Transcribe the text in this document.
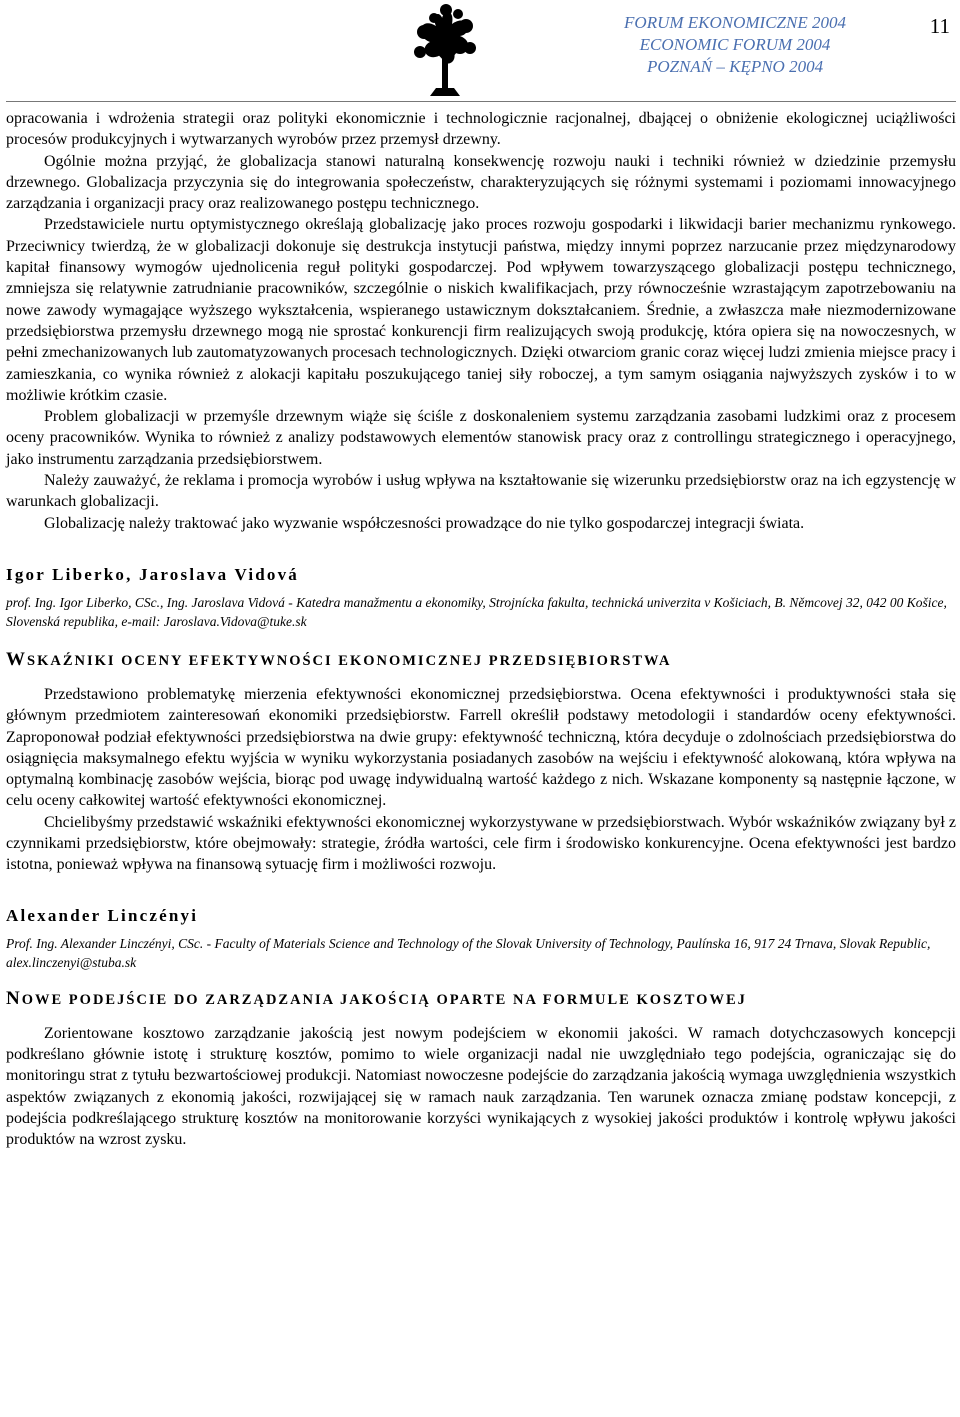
FORUM EKONOMICZNE 2004
ECONOMIC FORUM 2004
POZNAŃ – KĘPNO 2004
11

opracowania i wdrożenia strategii oraz polityki ekonomicznie i technologicznie racjonalnej, dbającej o obniżenie ekologicznej uciążliwości procesów produkcyjnych i wytwarzanych wyrobów przez przemysł drzewny.

Ogólnie można przyjąć, że globalizacja stanowi naturalną konsekwencję rozwoju nauki i techniki również w dziedzinie przemysłu drzewnego. Globalizacja przyczynia się do integrowania społeczeństw, charakteryzujących się różnymi systemami i poziomami innowacyjnego zarządzania i organizacji pracy oraz realizowanego postępu technicznego.

Przedstawiciele nurtu optymistycznego określają globalizację jako proces rozwoju gospodarki i likwidacji barier mechanizmu rynkowego. Przeciwnicy twierdzą, że w globalizacji dokonuje się destrukcja instytucji państwa, między innymi poprzez narzucanie przez międzynarodowy kapitał finansowy wymogów ujednolicenia reguł polityki gospodarczej. Pod wpływem towarzyszącego globalizacji postępu technicznego, zmniejsza się relatywnie zatrudnianie pracowników, szczególnie o niskich kwalifikacjach, przy równocześnie wzrastającym zapotrzebowaniu na nowe zawody wymagające wyższego wykształcenia, wspieranego ustawicznym dokształcaniem. Średnie, a zwłaszcza małe niezmodernizowane przedsiębiorstwa przemysłu drzewnego mogą nie sprostać konkurencji firm realizujących swoją produkcję, która opiera się na nowoczesnych, w pełni zmechanizowanych lub zautomatyzowanych procesach technologicznych. Dzięki otwarciom granic coraz więcej ludzi zmienia miejsce pracy i zamieszkania, co wynika również z alokacji kapitału poszukującego taniej siły roboczej, a tym samym osiągania najwyższych zysków i to w możliwie krótkim czasie.

Problem globalizacji w przemyśle drzewnym wiąże się ściśle z doskonaleniem systemu zarządzania zasobami ludzkimi oraz z procesem oceny pracowników. Wynika to również z analizy podstawowych elementów stanowisk pracy oraz z controllingu strategicznego i operacyjnego, jako instrumentu zarządzania przedsiębiorstwem.

Należy zauważyć, że reklama i promocja wyrobów i usług wpływa na kształtowanie się wizerunku przedsiębiorstw oraz na ich egzystencję w warunkach globalizacji.

Globalizację należy traktować jako wyzwanie współczesności prowadzące do nie tylko gospodarczej integracji świata.

Igor Liberko, Jaroslava Vidová
prof. Ing. Igor Liberko, CSc., Ing. Jaroslava Vidová - Katedra manažmentu a ekonomiky, Strojnícka fakulta, technická univerzita v Košiciach, B. Němcovej 32, 042 00 Košice, Slovenská republika, e-mail: Jaroslava.Vidova@tuke.sk
WSKAŹNIKI OCENY EFEKTYWNOŚCI EKONOMICZNEJ PRZEDSIĘBIORSTWA

Przedstawiono problematykę mierzenia efektywności ekonomicznej przedsiębiorstwa. Ocena efektywności i produktywności stała się głównym przedmiotem zainteresowań ekonomiki przedsiębiorstw. Farrell określił podstawy metodologii i standardów oceny efektywności. Zaproponował podział efektywności przedsiębiorstwa na dwie grupy: efektywność techniczną, która decyduje o zdolnościach przedsiębiorstwa do osiągnięcia maksymalnego efektu wyjścia w wyniku wykorzystania posiadanych zasobów na wejściu i efektywność alokowaną, która wpływa na optymalną kombinację zasobów wejścia, biorąc pod uwagę indywidualną wartość każdego z nich. Wskazane komponenty są następnie łączone, w celu oceny całkowitej wartość efektywności ekonomicznej.

Chcielibyśmy przedstawić wskaźniki efektywności ekonomicznej wykorzystywane w przedsiębiorstwach. Wybór wskaźników związany był z czynnikami przedsiębiorstw, które obejmowały: strategie, źródła wartości, cele firm i środowisko konkurencyjne. Ocena efektywności jest bardzo istotna, ponieważ wpływa na finansową sytuację firm i możliwości rozwoju.

Alexander Linczényi
Prof. Ing. Alexander Linczényi, CSc. - Faculty of Materials Science and Technology of the Slovak University of Technology, Paulínska 16, 917 24 Trnava, Slovak Republic, alex.linczenyi@stuba.sk
NOWE PODEJŚCIE DO ZARZĄDZANIA JAKOŚCIĄ OPARTE NA FORMULE KOSZTOWEJ

Zorientowane kosztowo zarządzanie jakością jest nowym podejściem w ekonomii jakości. W ramach dotychczasowych koncepcji podkreślano głównie istotę i strukturę kosztów, pomimo to wiele organizacji nadal nie uwzględniało tego podejścia, ograniczając się do monitoringu strat z tytułu bezwartościowej produkcji. Natomiast nowoczesne podejście do zarządzania jakością wymaga uwzględnienia wszystkich aspektów związanych z ekonomią jakości, rozwijającej się w ramach nauk zarządzania. Ten warunek oznacza zmianę podstaw koncepcji, z podejścia podkreślającego strukturę kosztów na monitorowanie korzyści wynikających z wysokiej jakości produktów i kontrolę wpływu jakości produktów na wzrost zysku.
